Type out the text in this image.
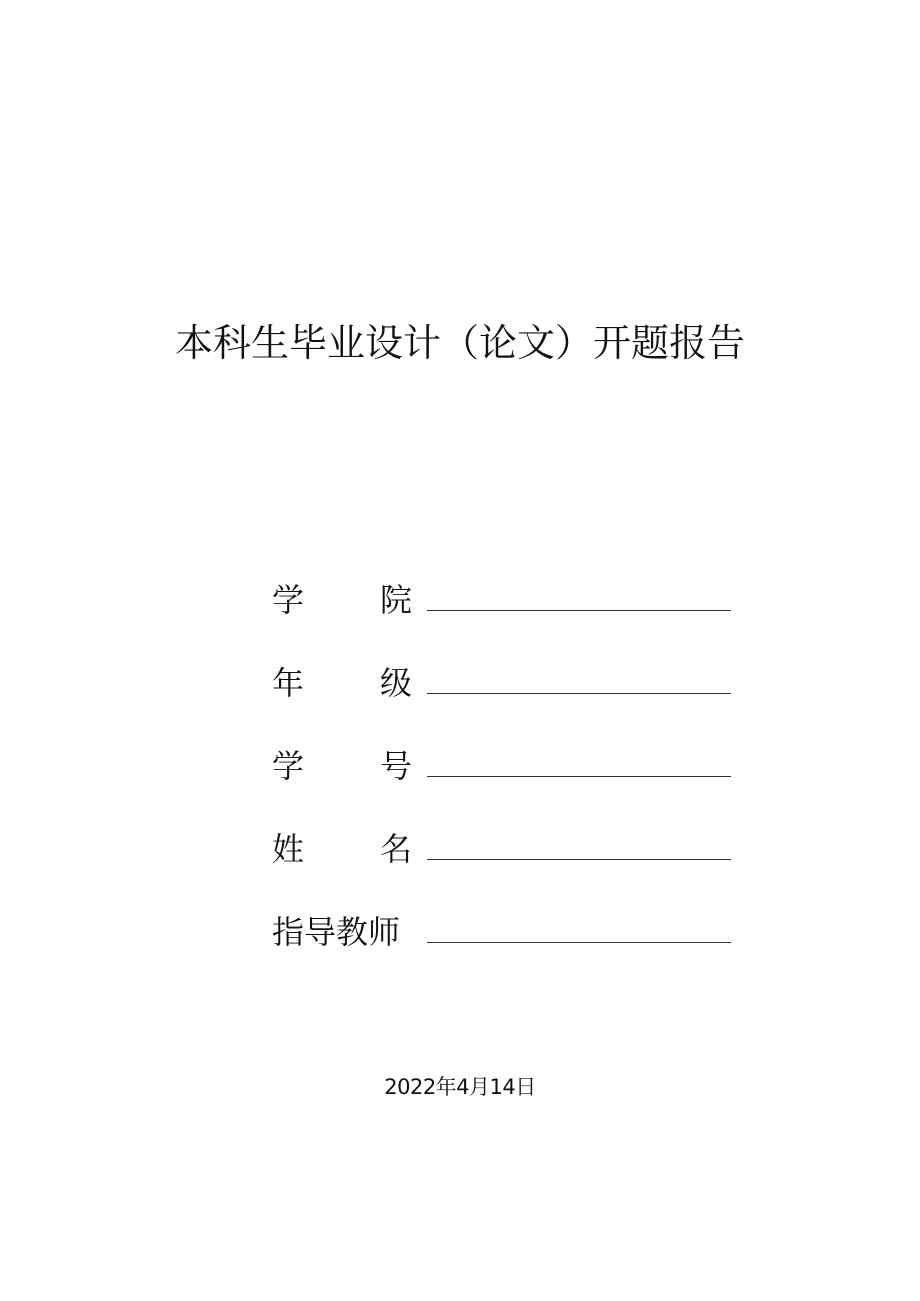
本科生毕业设计（论文）开题报告
学 院
年 级
学 号
姓 名
指导教师
2022年4月14日
